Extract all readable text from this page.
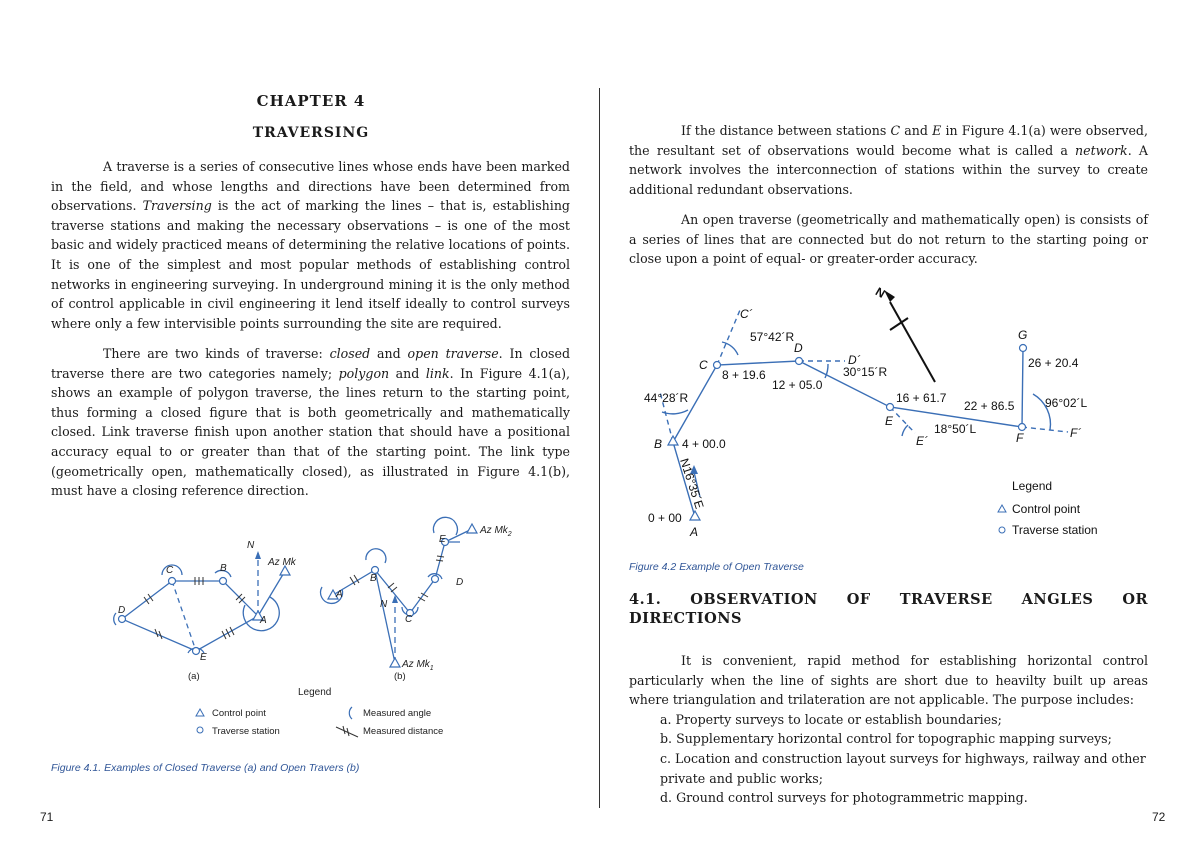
CHAPTER 4
TRAVERSING
A traverse is a series of consecutive lines whose ends have been marked in the field, and whose lengths and directions have been determined from observations. Traversing is the act of marking the lines – that is, establishing traverse stations and making the necessary observations – is one of the most basic and widely practiced means of determining the relative locations of points. It is one of the simplest and most popular methods of establishing control networks in engineering surveying. In underground mining it is the only method of control applicable in civil engineering it lend itself ideally to control surveys where only a few intervisible points surrounding the site are required.
There are two kinds of traverse: closed and open traverse. In closed traverse there are two categories namely; polygon and link. In Figure 4.1(a), shows an example of polygon traverse, the lines return to the starting point, thus forming a closed figure that is both geometrically and mathematically closed. Link traverse finish upon another station that should have a positional accuracy equal to or greater than that of the starting point. The link type (geometrically open, mathematically closed), as illustrated in Figure 4.1(b), must have a closing reference direction.
C	B
D
A
E
N
Az Mk
A
B
C
D
E
N
Az $Mk_2$
Az $Mk_1$
(a)	(b)
Legend
Control point
Traverse station
Measured angle
Measured distance
Figure 4.1. Examples of Closed Traverse (a) and Open Travers (b)
71
If the distance between stations C and E in Figure 4.1(a) were observed, the resultant set of observations would become what is called a network. A network involves the interconnection of stations within the survey to create additional redundant observations.
An open traverse (geometrically and mathematically open) is consists of a series of lines that are connected but do not return to the starting poing or close upon a point of equal- or greater-order accuracy.
N
C´
57°42´R
D
D´
C
8 + 19.6	30°15´R
12 + 05.0
16 + 61.7
44°28´R
B 4 + 00.0
E
E´
18°50´L
22 + 86.5
G
26 + 20.4
96°02´L
F	F´
N16°35´E
0 + 00
A
Legend
Control point
Traverse station
Figure 4.2 Example of Open Traverse
4.1. OBSERVATION OF TRAVERSE ANGLES OR
DIRECTIONS
It is convenient, rapid method for establishing horizontal control particularly when the line of sights are short due to heavilty built up areas where triangulation and trilateration are not applicable. The purpose includes:
a. Property surveys to locate or establish boundaries;
b. Supplementary horizontal control for topographic mapping surveys;
c. Location and construction layout surveys for highways, railway and other private and public works;
d. Ground control surveys for photogrammetric mapping.
72
